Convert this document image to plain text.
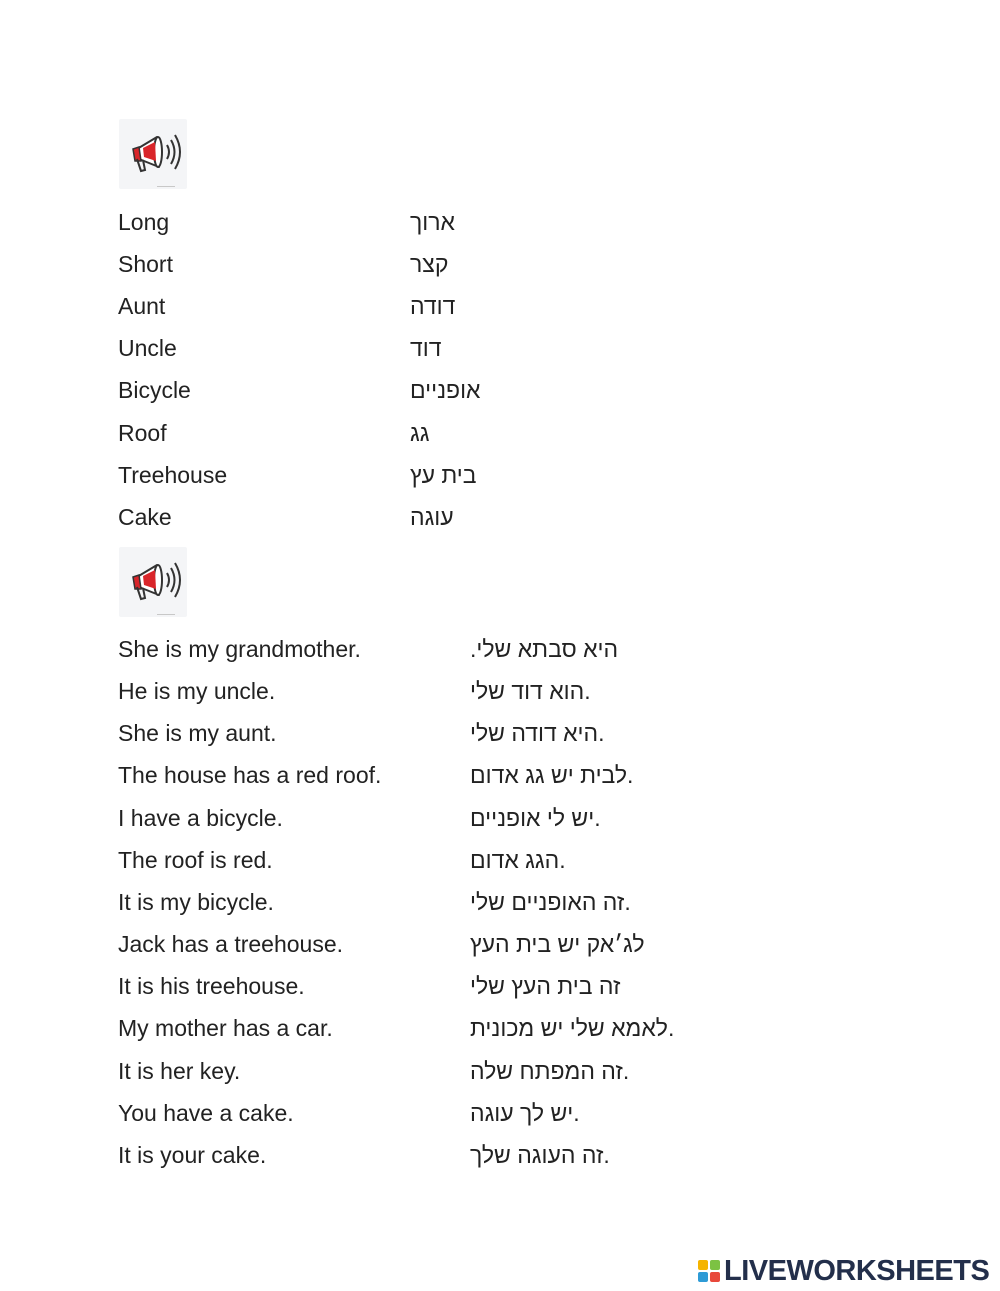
Long	ארוך
Short	קצר
Aunt	דודה
Uncle	דוד
Bicycle	אופניים
Roof	גג
Treehouse	בית עץ
Cake	עוגה
She is my grandmother.	.היא סבתא שלי
He is my uncle.	הוא דוד שלי.
She is my aunt.	היא דודה שלי.
The house has a red roof.	לבית יש גג אדום.
I have a bicycle.	יש לי אופניים.
The roof is red.	הגג אדום.
It is my bicycle.	זה האופניים שלי.
Jack has a treehouse.	לג׳אק יש בית העץ
It is his treehouse.	זה בית העץ שלי
My mother has a car.	לאמא שלי יש מכונית.
It is her key.	זה המפתח שלה.
You have a cake.	יש לך עוגה.
It is your cake.	זה העוגה שלך.
LIVEWORKSHEETS
